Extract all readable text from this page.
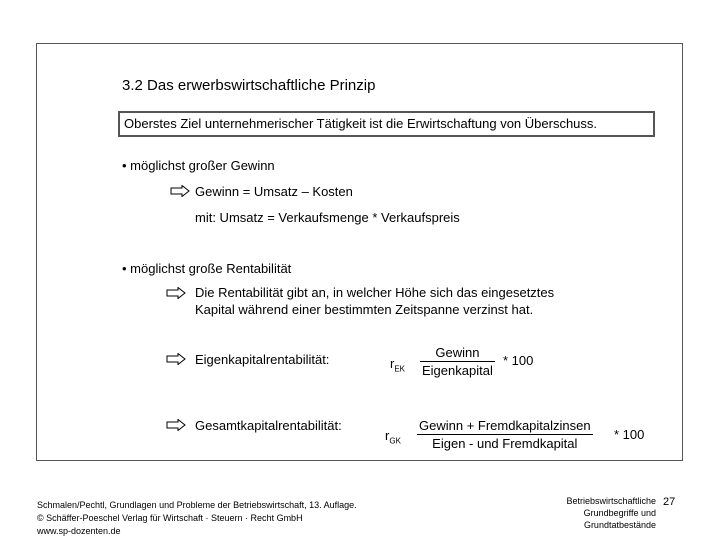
3.2 Das erwerbswirtschaftliche Prinzip
Oberstes Ziel unternehmerischer Tätigkeit ist die Erwirtschaftung von Überschuss.
• möglichst großer Gewinn
Gewinn = Umsatz – Kosten
mit: Umsatz = Verkaufsmenge * Verkaufspreis
• möglichst große Rentabilität
Die Rentabilität gibt an, in welcher Höhe sich das eingesetztes
Kapital während einer bestimmten Zeitspanne verzinst hat.
Eigenkapitalrentabilität:	$r_{EK}$
Gewinn
Eigenkapital
* 100
Gesamtkapitalrentabilität:
$r_{GK}$
Gewinn + Fremdkapitalzinsen
Eigen - und Fremdkapital
* 100
Schmalen/Pechtl, Grundlagen und Probleme der Betriebswirtschaft, 13. Auflage.
© Schäffer-Poeschel Verlag für Wirtschaft · Steuern · Recht GmbH
www.sp-dozenten.de
Betriebswirtschaftliche
Grundbegriffe und
Grundtatbestände
27
